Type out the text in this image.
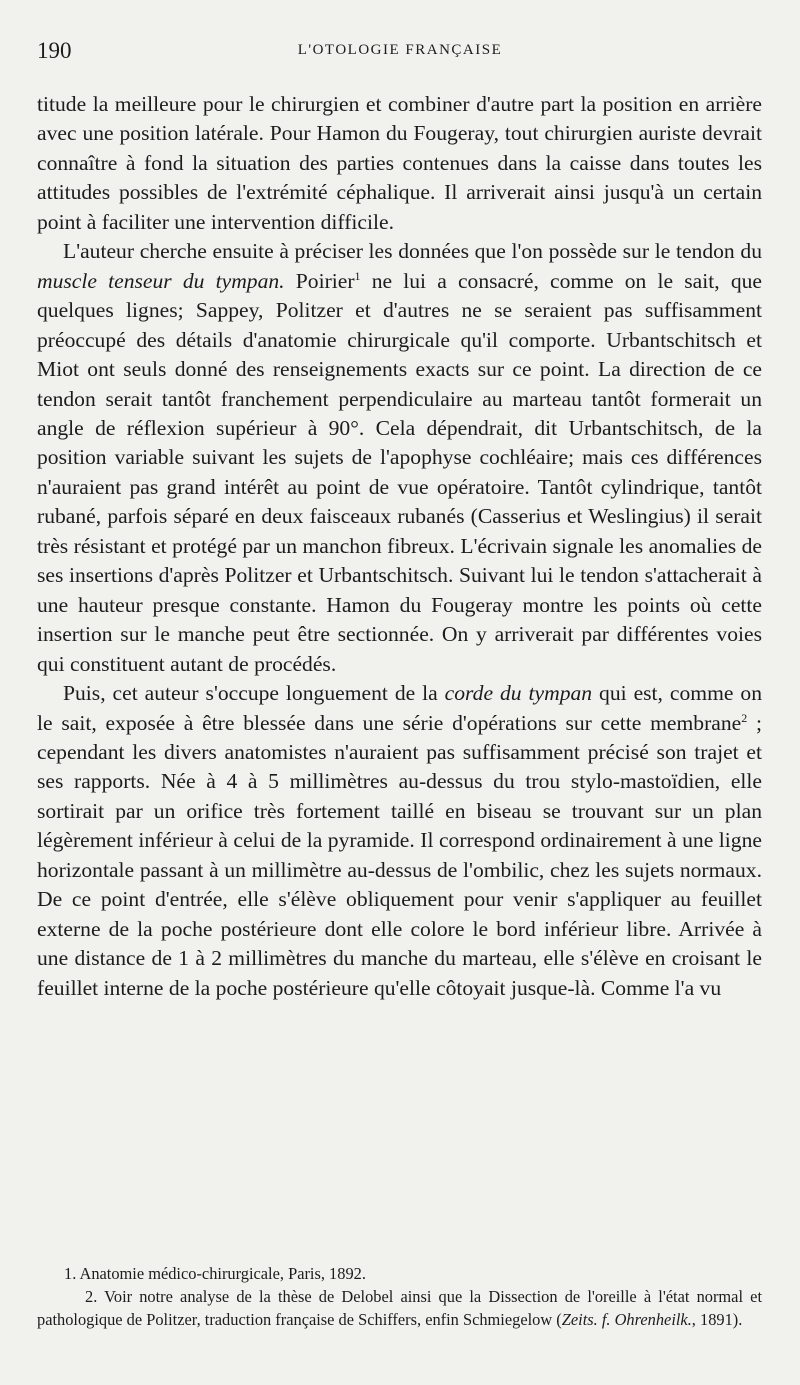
190	L'OTOLOGIE FRANÇAISE

titude la meilleure pour le chirurgien et combiner d'autre part la position en arrière avec une position latérale. Pour Hamon du Fougeray, tout chirurgien auriste devrait connaître à fond la situation des parties contenues dans la caisse dans toutes les attitudes possibles de l'extrémité céphalique. Il arriverait ainsi jusqu'à un certain point à faciliter une intervention difficile.

L'auteur cherche ensuite à préciser les données que l'on possède sur le tendon du muscle tenseur du tympan. Poirier$^1$ ne lui a consacré, comme on le sait, que quelques lignes; Sappey, Politzer et d'autres ne se seraient pas suffisamment préoccupé des détails d'anatomie chirurgicale qu'il comporte. Urbantschitsch et Miot ont seuls donné des renseignements exacts sur ce point. La direction de ce tendon serait tantôt franchement perpendiculaire au marteau tantôt formerait un angle de réflexion supérieur à 90°. Cela dépendrait, dit Urbantschitsch, de la position variable suivant les sujets de l'apophyse cochléaire; mais ces différences n'auraient pas grand intérêt au point de vue opératoire. Tantôt cylindrique, tantôt rubané, parfois séparé en deux faisceaux rubanés (Casserius et Weslingius) il serait très résistant et protégé par un manchon fibreux. L'écrivain signale les anomalies de ses insertions d'après Politzer et Urbantschitsch. Suivant lui le tendon s'attacherait à une hauteur presque constante. Hamon du Fougeray montre les points où cette insertion sur le manche peut être sectionnée. On y arriverait par différentes voies qui constituent autant de procédés.

Puis, cet auteur s'occupe longuement de la corde du tympan qui est, comme on le sait, exposée à être blessée dans une série d'opérations sur cette membrane$^2$ ; cependant les divers anatomistes n'auraient pas suffisamment précisé son trajet et ses rapports. Née à 4 à 5 millimètres au-dessus du trou stylo-mastoïdien, elle sortirait par un orifice très fortement taillé en biseau se trouvant sur un plan légèrement inférieur à celui de la pyramide. Il correspond ordinairement à une ligne horizontale passant à un millimètre au-dessus de l'ombilic, chez les sujets normaux. De ce point d'entrée, elle s'élève obliquement pour venir s'appliquer au feuillet externe de la poche postérieure dont elle colore le bord inférieur libre. Arrivée à une distance de 1 à 2 millimètres du manche du marteau, elle s'élève en croisant le feuillet interne de la poche postérieure qu'elle côtoyait jusque-là. Comme l'a vu

1. Anatomie médico-chirurgicale, Paris, 1892.

2. Voir notre analyse de la thèse de Delobel ainsi que la Dissection de l'oreille à l'état normal et pathologique de Politzer, traduction française de Schiffers, enfin Schmiegelow (Zeits. f. Ohrenheilk., 1891).
